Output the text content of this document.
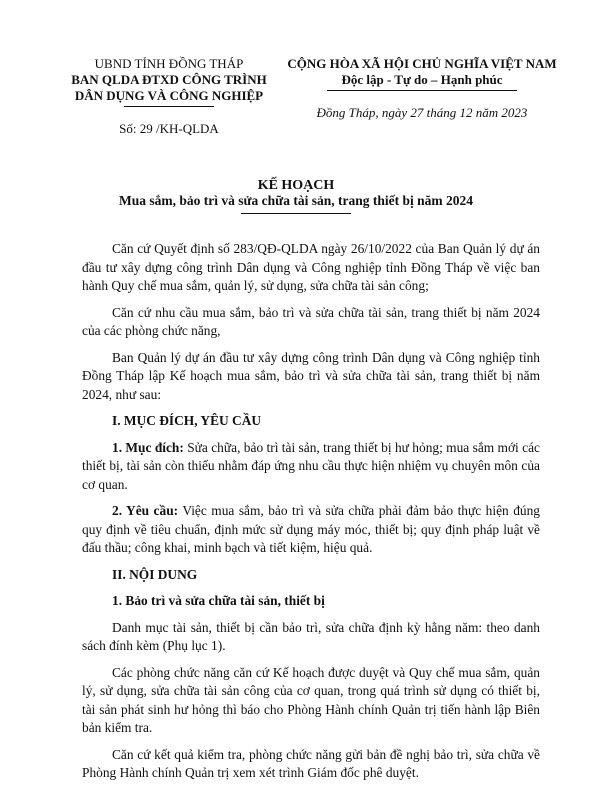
UBND TỈNH ĐỒNG THÁP
BAN QLDA ĐTXD CÔNG TRÌNH
DÂN DỤNG VÀ CÔNG NGHIỆP
Số: 29 /KH-QLDA
CỘNG HÒA XÃ HỘI CHỦ NGHĨA VIỆT NAM
Độc lập - Tự do – Hạnh phúc
Đồng Tháp, ngày 27 tháng 12 năm 2023
KẾ HOẠCH
Mua sắm, bảo trì và sửa chữa tài sản, trang thiết bị năm 2024

Căn cứ Quyết định số 283/QĐ-QLDA ngày 26/10/2022 của Ban Quản lý dự án đầu tư xây dựng công trình Dân dụng và Công nghiệp tỉnh Đồng Tháp về việc ban hành Quy chế mua sắm, quản lý, sử dụng, sửa chữa tài sản công;

Căn cứ nhu cầu mua sắm, bảo trì và sửa chữa tài sản, trang thiết bị năm 2024 của các phòng chức năng,

Ban Quản lý dự án đầu tư xây dựng công trình Dân dụng và Công nghiệp tỉnh Đồng Tháp lập Kế hoạch mua sắm, bảo trì và sửa chữa tài sản, trang thiết bị năm 2024, như sau:

I. MỤC ĐÍCH, YÊU CẦU

1. Mục đích: Sửa chữa, bảo trì tài sản, trang thiết bị hư hỏng; mua sắm mới các thiết bị, tài sản còn thiếu nhằm đáp ứng nhu cầu thực hiện nhiệm vụ chuyên môn của cơ quan.

2. Yêu cầu: Việc mua sắm, bảo trì và sửa chữa phải đảm bảo thực hiện đúng quy định về tiêu chuẩn, định mức sử dụng máy móc, thiết bị; quy định pháp luật về đấu thầu; công khai, minh bạch và tiết kiệm, hiệu quả.

II. NỘI DUNG
1. Bảo trì và sửa chữa tài sản, thiết bị

Danh mục tài sản, thiết bị cần bảo trì, sửa chữa định kỳ hằng năm: theo danh sách đính kèm (Phụ lục 1).

Các phòng chức năng căn cứ Kế hoạch được duyệt và Quy chế mua sắm, quản lý, sử dụng, sửa chữa tài sản công của cơ quan, trong quá trình sử dụng có thiết bị, tài sản phát sinh hư hỏng thì báo cho Phòng Hành chính Quản trị tiến hành lập Biên bản kiểm tra.

Căn cứ kết quả kiểm tra, phòng chức năng gửi bản đề nghị bảo trì, sửa chữa về Phòng Hành chính Quản trị xem xét trình Giám đốc phê duyệt.
